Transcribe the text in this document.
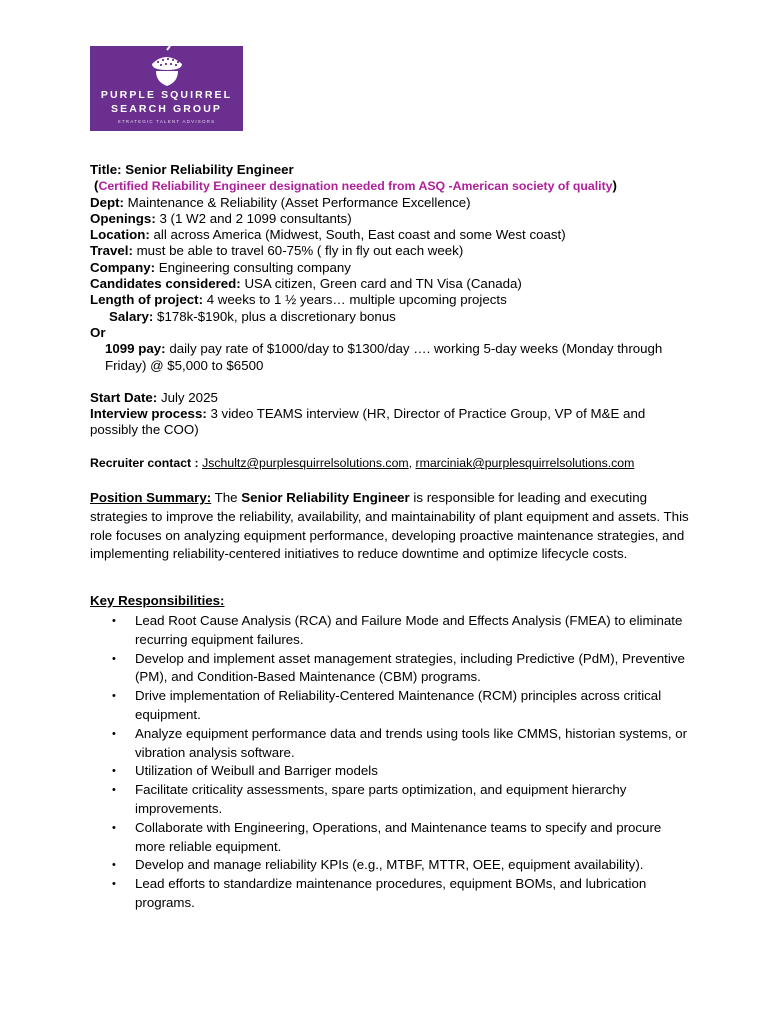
PURPLE SQUIRREL
SEARCH GROUP
STRATEGIC TALENT ADVISORS
Title: Senior Reliability Engineer
(Certified Reliability Engineer designation needed from ASQ -American society of quality)
Dept: Maintenance & Reliability (Asset Performance Excellence)
Openings: 3 (1 W2 and 2 1099 consultants)
Location: all across America (Midwest, South, East coast and some West coast)
Travel: must be able to travel 60-75% ( fly in fly out each week)
Company: Engineering consulting company
Candidates considered: USA citizen, Green card and TN Visa (Canada)
Length of project: 4 weeks to 1 ½ years… multiple upcoming projects
Salary: $178k-$190k, plus a discretionary bonus
Or
1099 pay: daily pay rate of $1000/day to $1300/day …. working 5-day weeks (Monday through Friday) @ $5,000 to $6500
Start Date: July 2025
Interview process: 3 video TEAMS interview (HR, Director of Practice Group, VP of M&E and possibly the COO)
Recruiter contact : Jschultz@purplesquirrelsolutions.com, rmarciniak@purplesquirrelsolutions.com
Position Summary: The Senior Reliability Engineer is responsible for leading and executing strategies to improve the reliability, availability, and maintainability of plant equipment and assets. This role focuses on analyzing equipment performance, developing proactive maintenance strategies, and implementing reliability-centered initiatives to reduce downtime and optimize lifecycle costs.
Key Responsibilities:
• Lead Root Cause Analysis (RCA) and Failure Mode and Effects Analysis (FMEA) to eliminate recurring equipment failures.
• Develop and implement asset management strategies, including Predictive (PdM), Preventive (PM), and Condition-Based Maintenance (CBM) programs.
• Drive implementation of Reliability-Centered Maintenance (RCM) principles across critical equipment.
• Analyze equipment performance data and trends using tools like CMMS, historian systems, or vibration analysis software.
• Utilization of Weibull and Barriger models
• Facilitate criticality assessments, spare parts optimization, and equipment hierarchy improvements.
• Collaborate with Engineering, Operations, and Maintenance teams to specify and procure more reliable equipment.
• Develop and manage reliability KPIs (e.g., MTBF, MTTR, OEE, equipment availability).
• Lead efforts to standardize maintenance procedures, equipment BOMs, and lubrication programs.
